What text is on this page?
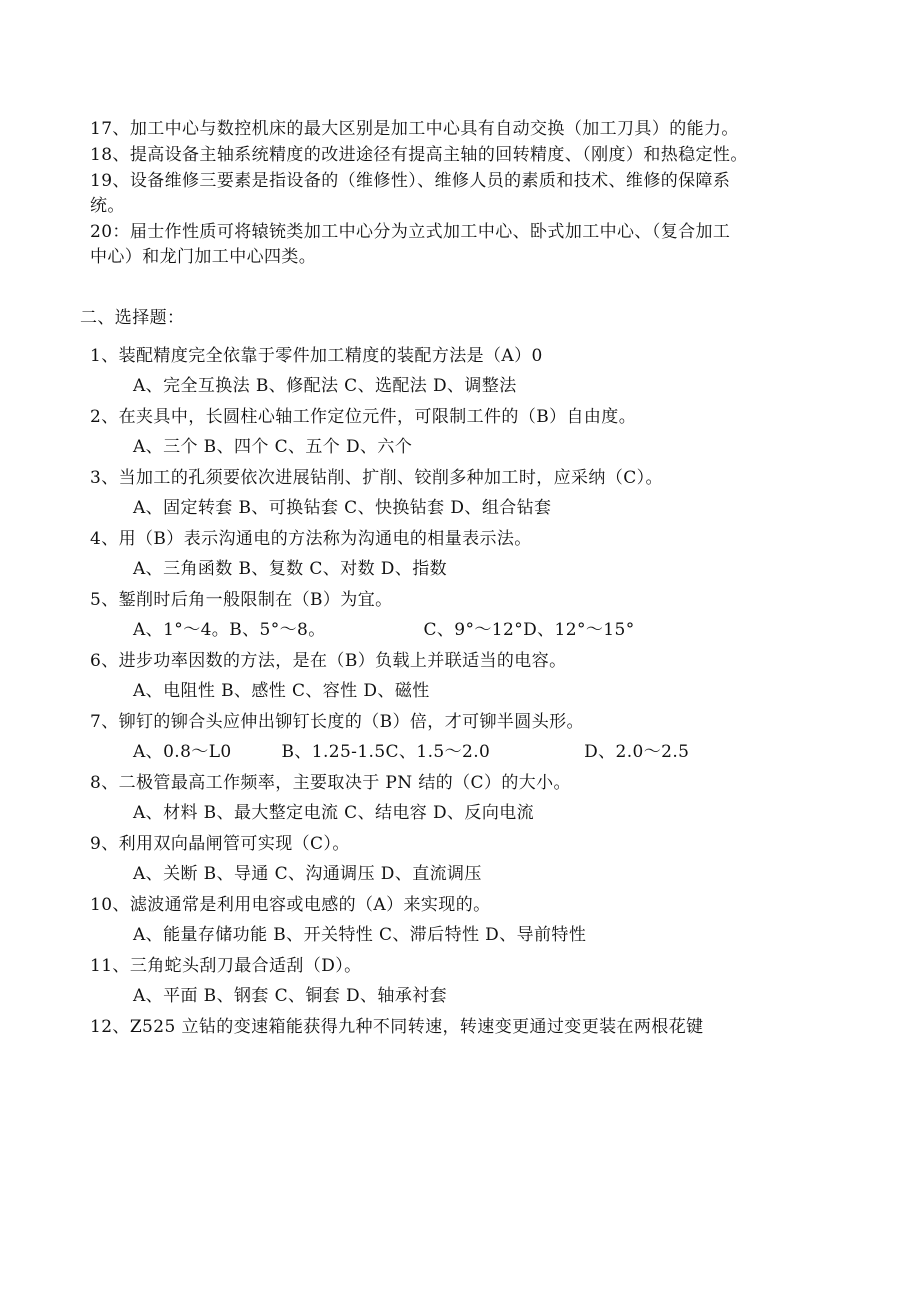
17、加工中心与数控机床的最大区别是加工中心具有自动交换（加工刀具）的能力。
18、提高设备主轴系统精度的改进途径有提高主轴的回转精度、（刚度）和热稳定性。
19、设备维修三要素是指设备的（维修性）、维修人员的素质和技术、维修的保障系
统。
20：届士作性质可将辕铳类加工中心分为立式加工中心、卧式加工中心、（复合加工
中心）和龙门加工中心四类。
二、选择题：
1、装配精度完全依靠于零件加工精度的装配方法是（A）0
A、完全互换法 B、修配法 C、选配法 D、调整法
2、在夹具中，长圆柱心轴工作定位元件，可限制工件的（B）自由度。
A、三个 B、四个 C、五个 D、六个
3、当加工的孔须要依次进展钻削、扩削、铰削多种加工时，应采纳（C）。
A、固定转套 B、可换钻套 C、快换钻套 D、组合钻套
4、用（B）表示沟通电的方法称为沟通电的相量表示法。
A、三角函数 B、复数 C、对数 D、指数
5、錾削时后角一般限制在（B）为宜。
A、1°～4。B、5°～8。	C、9°～12°D、12°～15°
6、进步功率因数的方法，是在（B）负载上并联适当的电容。
A、电阻性 B、感性 C、容性 D、磁性
7、铆钉的铆合头应伸出铆钉长度的（B）倍，才可铆半圆头形。
A、0.8～L0	B、1.25-1.5C、1.5～2.0	D、2.0～2.5
8、二极管最高工作频率，主要取决于 PN 结的（C）的大小。
A、材料 B、最大整定电流 C、结电容 D、反向电流
9、利用双向晶闸管可实现（C）。
A、关断 B、导通 C、沟通调压 D、直流调压
10、滤波通常是利用电容或电感的（A）来实现的。
A、能量存储功能 B、开关特性 C、滞后特性 D、导前特性
11、三角蛇头刮刀最合适刮（D）。
A、平面 B、钢套 C、铜套 D、轴承衬套
12、Z525 立钻的变速箱能获得九种不同转速，转速变更通过变更装在两根花键
